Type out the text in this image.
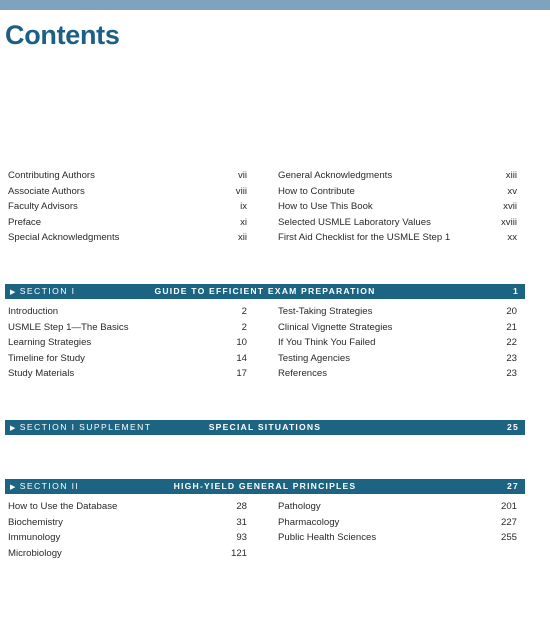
Contents
Contributing Authors	vii
Associate Authors	viii
Faculty Advisors	ix
Preface	xi
Special Acknowledgments	xii
General Acknowledgments	xiii
How to Contribute	xv
How to Use This Book	xvii
Selected USMLE Laboratory Values	xviii
First Aid Checklist for the USMLE Step 1	xx
▶ SECTION I	GUIDE TO EFFICIENT EXAM PREPARATION	1
Introduction	2
USMLE Step 1—The Basics	2
Learning Strategies	10
Timeline for Study	14
Study Materials	17
Test-Taking Strategies	20
Clinical Vignette Strategies	21
If You Think You Failed	22
Testing Agencies	23
References	23
▶ SECTION I SUPPLEMENT	SPECIAL SITUATIONS	25
▶ SECTION II	HIGH-YIELD GENERAL PRINCIPLES	27
How to Use the Database	28
Biochemistry	31
Immunology	93
Microbiology	121
Pathology	201
Pharmacology	227
Public Health Sciences	255
